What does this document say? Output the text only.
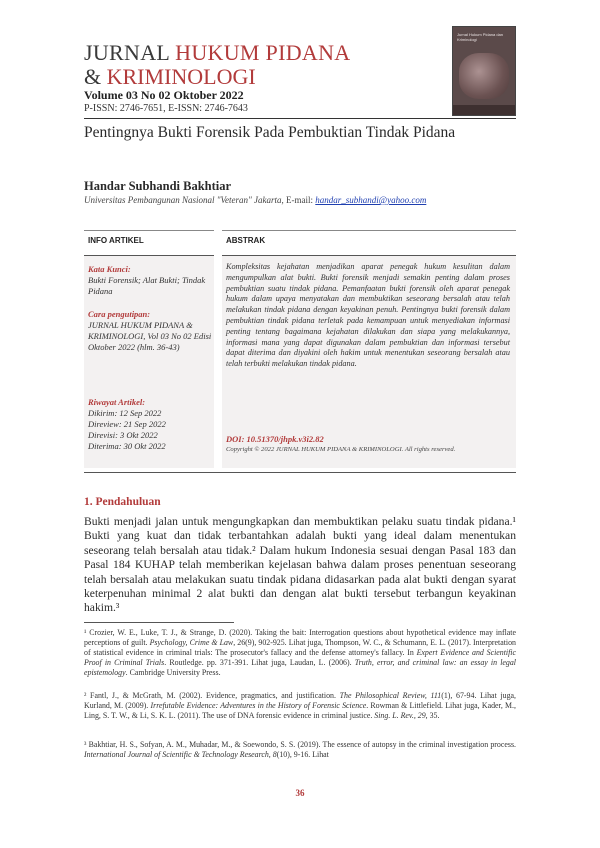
JURNAL HUKUM PIDANA
& KRIMINOLOGI
Volume 03 No 02 Oktober 2022
P-ISSN: 2746-7651, E-ISSN: 2746-7643
Jurnal Hukum Pidana dan Kriminologi
Pentingnya Bukti Forensik Pada Pembuktian Tindak Pidana
Handar Subhandi Bakhtiar
Universitas Pembangunan Nasional "Veteran" Jakarta, E-mail: handar_subhandi@yahoo.com
INFO ARTIKEL	ABSTRAK
Kata Kunci:
Bukti Forensik; Alat Bukti; Tindak Pidana
Cara pengutipan:
JURNAL HUKUM PIDANA & KRIMINOLOGI, Vol 03 No 02 Edisi Oktober 2022 (hlm. 36-43)
Riwayat Artikel:
Dikirim: 12 Sep 2022
Direview: 21 Sep 2022
Direvisi: 3 Okt 2022
Diterima: 30 Okt 2022
Kompleksitas kejahatan menjadikan aparat penegak hukum kesulitan dalam mengumpulkan alat bukti. Bukti forensik menjadi semakin penting dalam proses pembuktian suatu tindak pidana. Pemanfaatan bukti forensik oleh aparat penegak hukum dalam upaya menyatakan dan membuktikan seseorang bersalah atau telah melakukan tindak pidana dengan keyakinan penuh. Pentingnya bukti forensik dalam pembuktian tindak pidana terletak pada kemampuan untuk menyediakan informasi penting tentang bagaimana kejahatan dilakukan dan siapa yang melakukannya, informasi mana yang dapat digunakan dalam pembuktian dan informasi tersebut dapat diterima dan diyakini oleh hakim untuk menentukan seseorang bersalah atau telah terbukti melakukan tindak pidana.
DOI: 10.51370/jhpk.v3i2.82
Copyright © 2022 JURNAL HUKUM PIDANA & KRIMINOLOGI. All rights reserved.
1. Pendahuluan
Bukti menjadi jalan untuk mengungkapkan dan membuktikan pelaku suatu tindak pidana.¹ Bukti yang kuat dan tidak terbantahkan adalah bukti yang ideal dalam menentukan seseorang telah bersalah atau tidak.² Dalam hukum Indonesia sesuai dengan Pasal 183 dan Pasal 184 KUHAP telah memberikan kejelasan bahwa dalam proses penentuan seseorang telah bersalah atau melakukan suatu tindak pidana didasarkan pada alat bukti dengan syarat keterpenuhan minimal 2 alat bukti dan dengan alat bukti tersebut terbangun keyakinan hakim.³
¹ Crozier, W. E., Luke, T. J., & Strange, D. (2020). Taking the bait: Interrogation questions about hypothetical evidence may inflate perceptions of guilt. Psychology, Crime & Law, 26(9), 902-925. Lihat juga, Thompson, W. C., & Schumann, E. L. (2017). Interpretation of statistical evidence in criminal trials: The prosecutor's fallacy and the defense attorney's fallacy. In Expert Evidence and Scientific Proof in Criminal Trials. Routledge. pp. 371-391. Lihat juga, Laudan, L. (2006). Truth, error, and criminal law: an essay in legal epistemology. Cambridge University Press.
² Fantl, J., & McGrath, M. (2002). Evidence, pragmatics, and justification. The Philosophical Review, 111(1), 67-94. Lihat juga, Kurland, M. (2009). Irrefutable Evidence: Adventures in the History of Forensic Science. Rowman & Littlefield. Lihat juga, Kader, M., Ling, S. T. W., & Li, S. K. L. (2011). The use of DNA forensic evidence in criminal justice. Sing. L. Rev., 29, 35.
³ Bakhtiar, H. S., Sofyan, A. M., Muhadar, M., & Soewondo, S. S. (2019). The essence of autopsy in the criminal investigation process. International Journal of Scientific & Technology Research, 8(10), 9-16. Lihat
36
